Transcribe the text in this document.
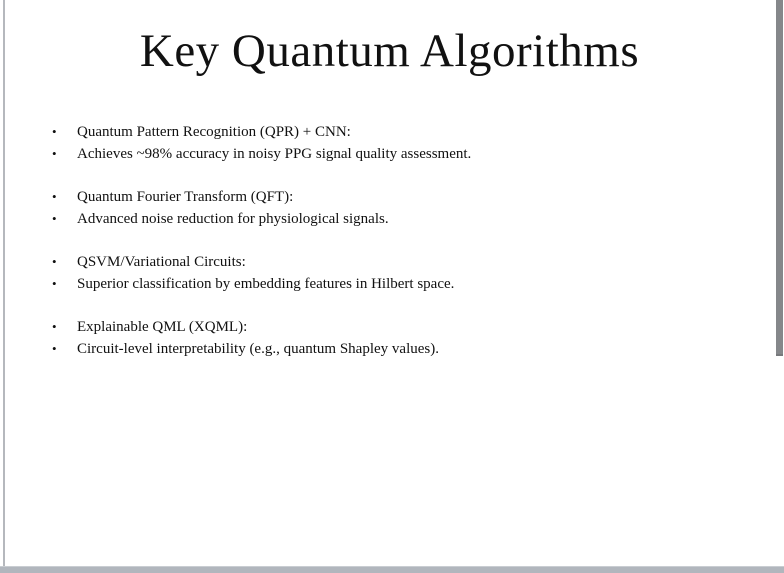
Key Quantum Algorithms
• Quantum Pattern Recognition (QPR) + CNN:
• Achieves ~98% accuracy in noisy PPG signal quality assessment.
• Quantum Fourier Transform (QFT):
• Advanced noise reduction for physiological signals.
• QSVM/Variational Circuits:
• Superior classification by embedding features in Hilbert space.
• Explainable QML (XQML):
• Circuit-level interpretability (e.g., quantum Shapley values).
